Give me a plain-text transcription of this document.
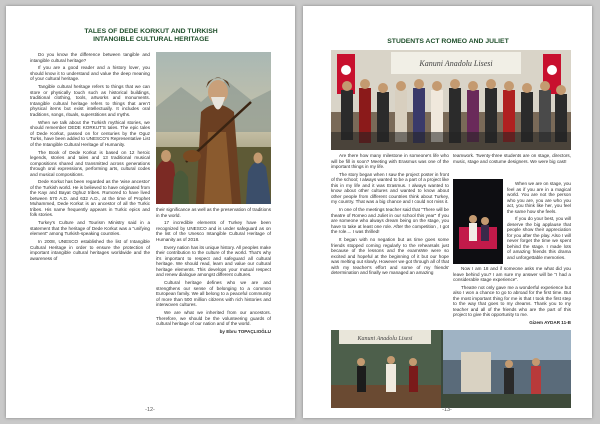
TALES OF DEDE KORKUT AND TURKISH
INTANGIBLE CULTURAL HERITAGE

Do you know the difference between tangible and intangible cultural heritage?

If you are a good reader and a history lover, you should know it to understand and value the deep meaning of your cultural heritage.

Tangible cultural heritage refers to things that we can store or physically touch such as historical buildings, traditional clothing, tools, artworks and monuments. Intangible cultural heritage refers to things that aren't physical items but exist intellectually. It includes oral traditions, songs, rituals, superstitions and myths.

When we talk about the Turkish mythical stories, we should remember DEDE KORKUT'S tales. The epic tales of Dede Korkut, passed on for centuries by the Oguz Turks, have been added to UNESCO's Representative List of the Intangible Cultural Heritage of Humanity.

The Book of Dede Korkut is based on 12 heroic legends, stories and tales and 13 traditional musical compositions shared and transmitted across generations through oral expressions, performing arts, cultural codes and musical compositions.

Dede Korkut has been regarded as the 'wise ancestor' of the Turkish world. He is believed to have originated from the Kayı and Bayat Oghuz tribes. Rumored to have lived between 570 A.D. and 632 A.D., at the time of Prophet Muhammed, Dede Korkut is an ancestor of all the Turkic tribes. His name frequently appears in Turkic epics and folk stories.

Turkey's Culture and Tourism Ministry said in a statement that the heritage of Dede Korkut was a "unifying element" among Turkish-speaking countries.

In 2008, UNESCO established the list of Intangible Cultural Heritage in order to ensure the protection of important intangible cultural heritages worldwide and the awareness of

their significance as well as the preservation of traditions in the world.

17 incredible elements of Turkey have been recognized by UNESCO and is under safeguard as on the list of the Unesco Intangible Cultural Heritage of Humanity as of 2018.

Every nation has its unique history. All peoples make their contribution to the culture of the world. That's why it's important to respect and safeguard all cultural heritage. We should read, learn and value our cultural heritage elements. This develops your mutual respect and renew dialogue amongst different cultures.

Cultural heritage defines who we are and strengthens our sense of belonging to a common European family. We all belong to a peaceful community of more than 500 million citizens with rich histories and interwoven cultures.

We are what we inherited from our ancestors. Therefore, we should be the volunteering guards of cultural heritage of our nation and of the world.

by Ebru TOPAÇLIOĞLU
-12-
STUDENTS ACT ROMEO AND JULIET
Kanuni Anadolu Lisesi

Are there how many milestone in someone's life who will be fill in soon? Meeting with Erasmus was one of the important things in my life.

The story began when I saw the project poster in front of the school; I always wanted to be a part of a project like this in my life and it was Erasmus. I always wanted to know about other cultures and wanted to know about other people from different countries think about Turkey, my country. That was a big chance and I could not miss it.

In one of the meetings teacher said that "There will be theatre of Romeo and Juliet in our school this year" If you are someone who always dream being on the stage, you have to take at least one role. After the competition , I got the role.... I was thrilled!

It began with no negation but as time goes some friends stopped coming regularly to the rehearsals just because of the lessons and the examsWe were so excited and hopeful at the beginning of it but our hope was melting out slowly. However we got through all of that with my teacher's effort and some of my friends' determination and finally we managed an amazing

teamwork. Twenty-three students are on stage, directors, music, stage and costume designers. We were big cast!

When we are on stage, you feel as if you are in a magical world. You are not the person who you are, you are who you act, you think like her, you feel the same how she feels.

If you do your best, you will deserve the big applause that people show their appreciation for you after the play. Also I will never forget the time we spent behind the stage. I made lots of amazing friends this drama and unforgettable memories.

Now I am 18 and if someone asks me what did you leave behind you? I am sure my answer will be "I had a considerable stage experience".

Theatre not only gave me a wonderful experience but also I won a chance to go to abroad for the first time. But the most important thing for me is that I took the first step to the way that goes to my dreams. Thank you to my teacher and all of the friends who are the part of this project to give this opportunity to me.

Gizem AYDAR 11-B
Kanuni Anadolu Lisesi
-13-
